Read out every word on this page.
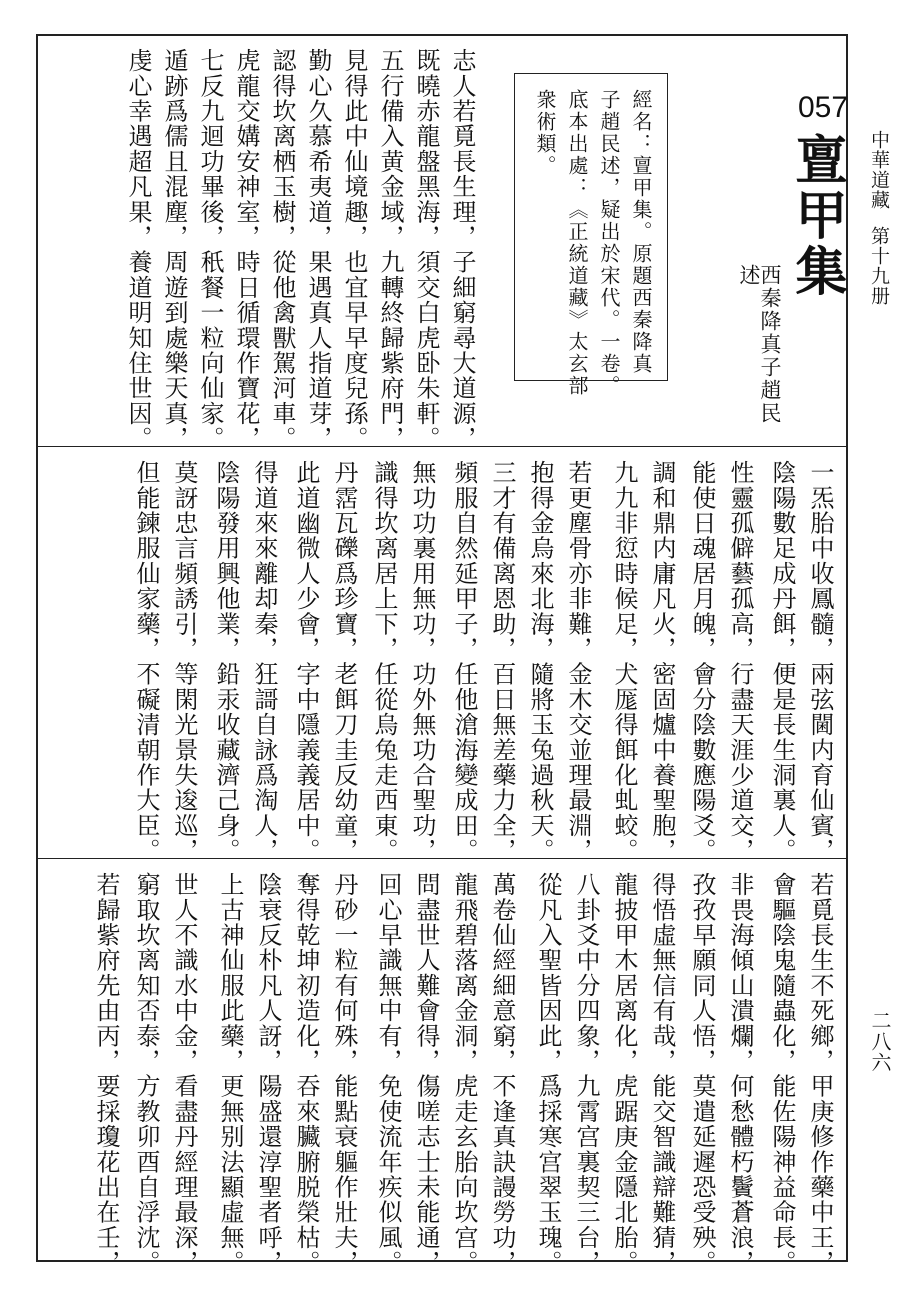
中華道藏
第十九册
二八六
057
亶甲集
西秦降真子趙民述
經名：亶甲集。原題西秦降真
子趙民述，疑出於宋代。一卷。
底本出處：《正統道藏》太玄部
衆術類。
志人若覓長生理，子細窮尋大道源，
既曉赤龍盤黑海，須交白虎卧朱軒。
五行備入黄金域，九轉終歸紫府門，
見得此中仙境趣，也宜早早度兒孫。
勤心久慕希夷道，果遇真人指道芽，
認得坎离栖玉樹，從他禽獸駕河車。
虎龍交媾安神室，時日循環作寶花，
七反九迴功畢後，秖餐一粒向仙家。
遁跡爲儒且混塵，周遊到處樂天真，
虔心幸遇超凡果，養道明知住世因。
一炁胎中收鳳髓，兩弦閫内育仙賓，
陰陽數足成丹餌，便是長生洞裏人。
性靈孤僻藝孤高，行盡天涯少道交，
能使日魂居月魄，會分陰數應陽爻。
調和鼎内庸凡火，密固爐中養聖胞，
九九非愆時候足，犬厖得餌化虬蛟。
若更塵骨亦非難，金木交並理最淵，
抱得金烏來北海，隨將玉兔過秋天。
三才有備离恩助，百日無差藥力全，
頻服自然延甲子，任他滄海變成田。
無功功裏用無功，功外無功合聖功，
識得坎离居上下，任從烏兔走西東。
丹霑瓦礫爲珍寶，老餌刀圭反幼童，
此道幽微人少會，字中隱義義居中。
得道來來離却秦，狂謌自詠爲淘人，
陰陽發用興他業，鉛汞收藏濟己身。
莫訝忠言頻誘引，等閑光景失逡巡，
但能鍊服仙家藥，不礙清朝作大臣。
若覓長生不死鄉，甲庚修作藥中王，
會驅陰鬼隨蟲化，能佐陽神益命長。
非畏海傾山潰爛，何愁體朽鬢蒼浪，
孜孜早願同人悟，莫遣延遲恐受殃。
得悟虛無信有哉，能交智識辯難猜，
龍披甲木居离化，虎踞庚金隱北胎。
八卦爻中分四象，九霄宫裏契三台，
從凡入聖皆因此，爲採寒宫翠玉瑰。
萬卷仙經細意窮，不逢真訣謾勞功，
龍飛碧落离金洞，虎走玄胎向坎宫。
問盡世人難會得，傷嗟志士未能通，
回心早識無中有，免使流年疾似風。
丹砂一粒有何殊，能點衰軀作壯夫，
奪得乾坤初造化，吞來臟腑脱榮枯。
陰衰反朴凡人訝，陽盛還淳聖者呼，
上古神仙服此藥，更無别法顯虛無。
世人不識水中金，看盡丹經理最深，
窮取坎离知否泰，方教卯酉自浮沈。
若歸紫府先由丙，要採瓊花出在壬，
